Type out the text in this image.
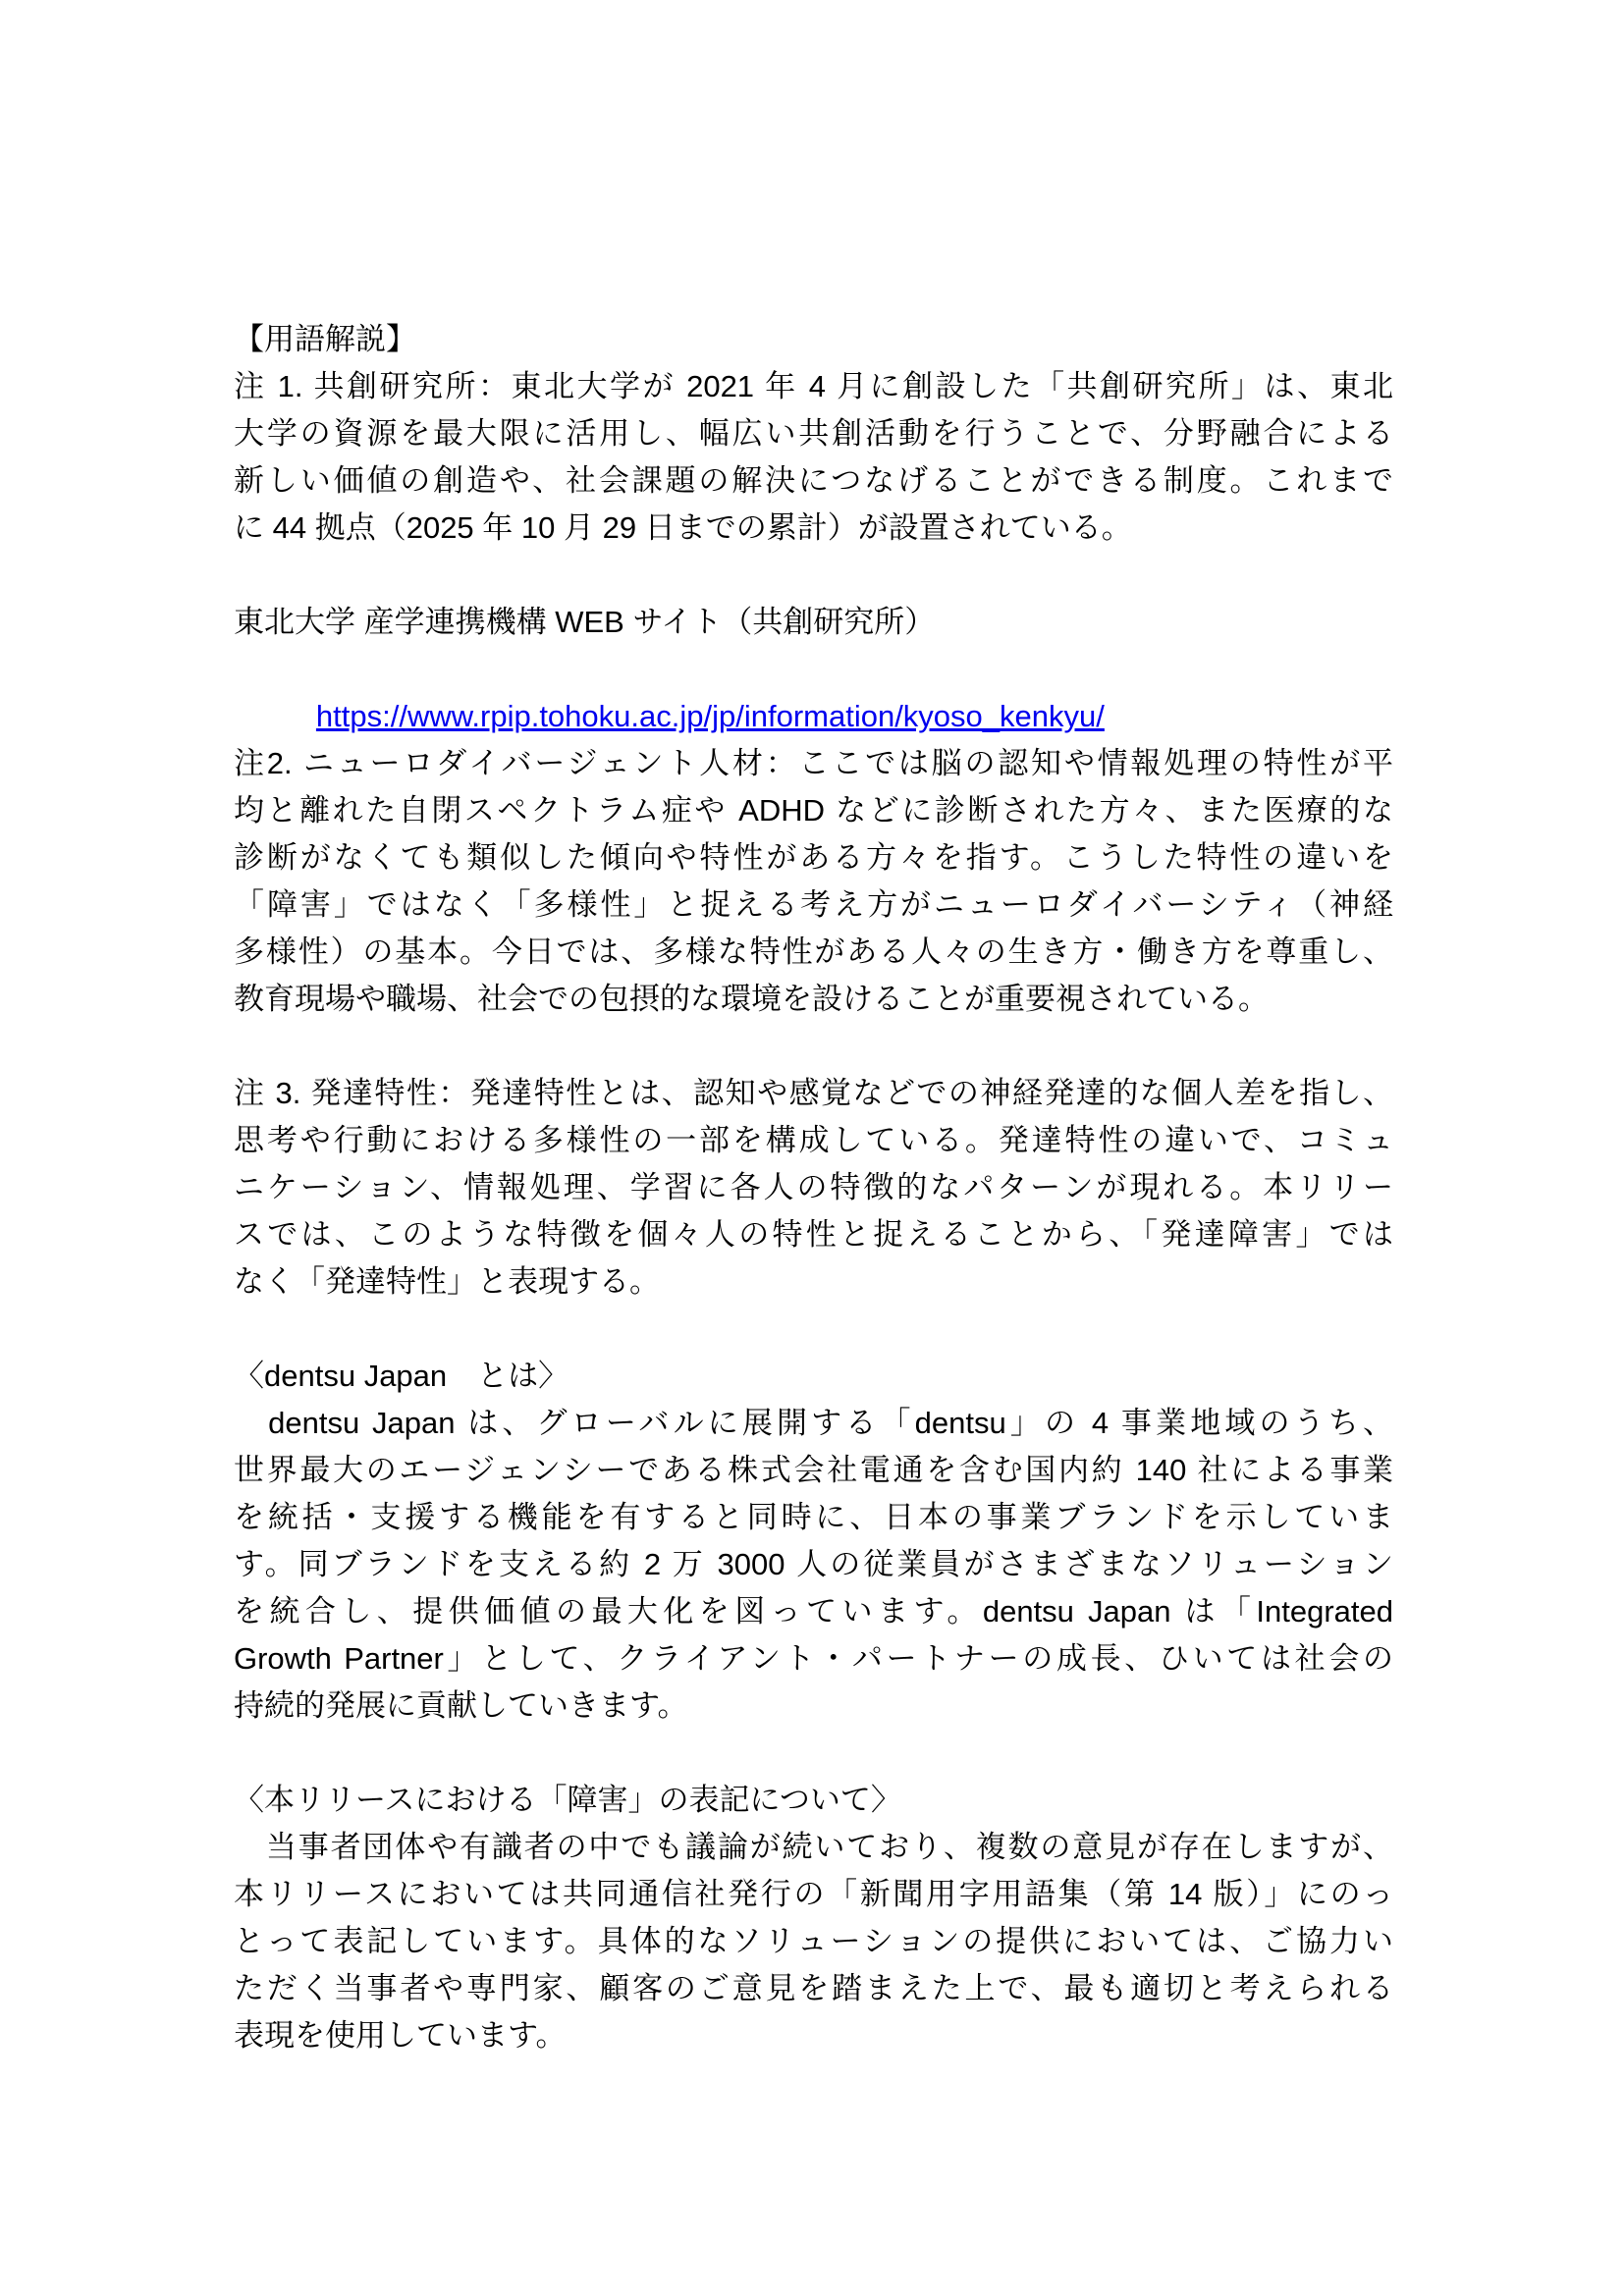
【用語解説】
注 1. 共創研究所：東北大学が 2021 年 4 月に創設した「共創研究所」は、東北
大学の資源を最大限に活用し、幅広い共創活動を行うことで、分野融合による
新しい価値の創造や、社会課題の解決につなげることができる制度。これまで
に 44 拠点（2025 年 10 月 29 日までの累計）が設置されている。
東北大学 産学連携機構 WEB サイト（共創研究所）

https://www.rpip.tohoku.ac.jp/jp/information/kyoso_kenkyu/

注2. ニューロダイバージェント人材：ここでは脳の認知や情報処理の特性が平
均と離れた自閉スペクトラム症や ADHD などに診断された方々、また医療的な
診断がなくても類似した傾向や特性がある方々を指す。こうした特性の違いを
「障害」ではなく「多様性」と捉える考え方がニューロダイバーシティ（神経
多様性）の基本。今日では、多様な特性がある人々の生き方・働き方を尊重し、
教育現場や職場、社会での包摂的な環境を設けることが重要視されている。
注 3. 発達特性：発達特性とは、認知や感覚などでの神経発達的な個人差を指し、
思考や行動における多様性の一部を構成している。発達特性の違いで、コミュ
ニケーション、情報処理、学習に各人の特徴的なパターンが現れる。本リリー
スでは、このような特徴を個々人の特性と捉えることから、「発達障害」では
なく「発達特性」と表現する。
〈dentsu Japan　とは〉
　dentsu Japan は、グローバルに展開する「dentsu」の 4 事業地域のうち、
世界最大のエージェンシーである株式会社電通を含む国内約 140 社による事業
を統括・支援する機能を有すると同時に、日本の事業ブランドを示していま
す。同ブランドを支える約 2 万 3000 人の従業員がさまざまなソリューション
を統合し、提供価値の最大化を図っています。dentsu Japan は「Integrated
Growth Partner」として、クライアント・パートナーの成長、ひいては社会の
持続的発展に貢献していきます。
〈本リリースにおける「障害」の表記について〉
　当事者団体や有識者の中でも議論が続いており、複数の意見が存在しますが、
本リリースにおいては共同通信社発行の「新聞用字用語集（第 14 版）」にのっ
とって表記しています。具体的なソリューションの提供においては、ご協力い
ただく当事者や専門家、顧客のご意見を踏まえた上で、最も適切と考えられる
表現を使用しています。
